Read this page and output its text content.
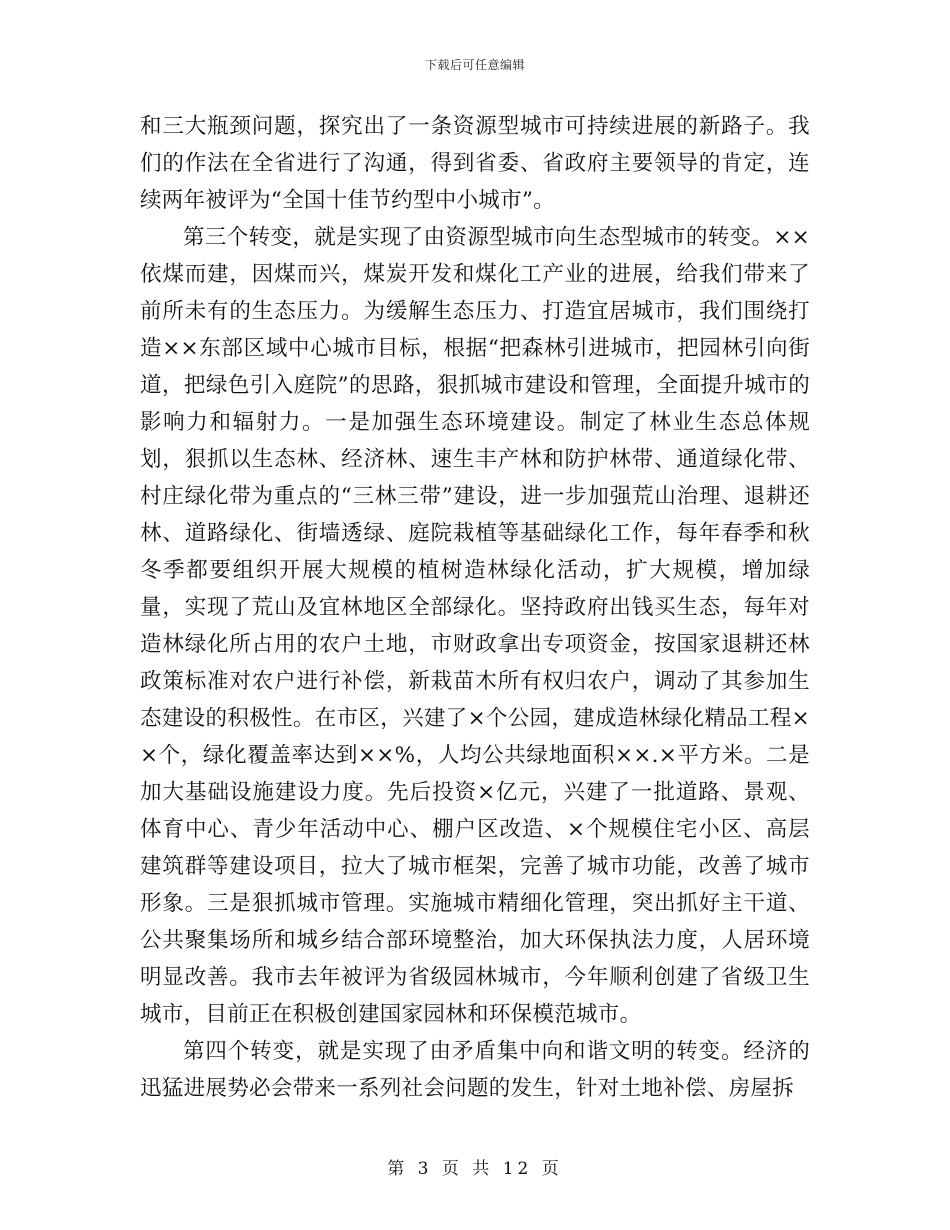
下载后可任意编辑

和三大瓶颈问题，探究出了一条资源型城市可持续进展的新路子。我们的作法在全省进行了沟通，得到省委、省政府主要领导的肯定，连续两年被评为“全国十佳节约型中小城市”。

第三个转变，就是实现了由资源型城市向生态型城市的转变。××依煤而建，因煤而兴，煤炭开发和煤化工产业的进展，给我们带来了前所未有的生态压力。为缓解生态压力、打造宜居城市，我们围绕打造××东部区域中心城市目标，根据“把森林引进城市，把园林引向街道，把绿色引入庭院”的思路，狠抓城市建设和管理，全面提升城市的影响力和辐射力。一是加强生态环境建设。制定了林业生态总体规划，狠抓以生态林、经济林、速生丰产林和防护林带、通道绿化带、村庄绿化带为重点的“三林三带”建设，进一步加强荒山治理、退耕还林、道路绿化、街墙透绿、庭院栽植等基础绿化工作，每年春季和秋冬季都要组织开展大规模的植树造林绿化活动，扩大规模，增加绿量，实现了荒山及宜林地区全部绿化。坚持政府出钱买生态，每年对造林绿化所占用的农户土地，市财政拿出专项资金，按国家退耕还林政策标准对农户进行补偿，新栽苗木所有权归农户，调动了其参加生态建设的积极性。在市区，兴建了×个公园，建成造林绿化精品工程××个，绿化覆盖率达到××%，人均公共绿地面积××.×平方米。二是加大基础设施建设力度。先后投资×亿元，兴建了一批道路、景观、体育中心、青少年活动中心、棚户区改造、×个规模住宅小区、高层建筑群等建设项目，拉大了城市框架，完善了城市功能，改善了城市形象。三是狠抓城市管理。实施城市精细化管理，突出抓好主干道、公共聚集场所和城乡结合部环境整治，加大环保执法力度，人居环境明显改善。我市去年被评为省级园林城市，今年顺利创建了省级卫生城市，目前正在积极创建国家园林和环保模范城市。

第四个转变，就是实现了由矛盾集中向和谐文明的转变。经济的迅猛进展势必会带来一系列社会问题的发生，针对土地补偿、房屋拆

第 3 页 共 12 页
